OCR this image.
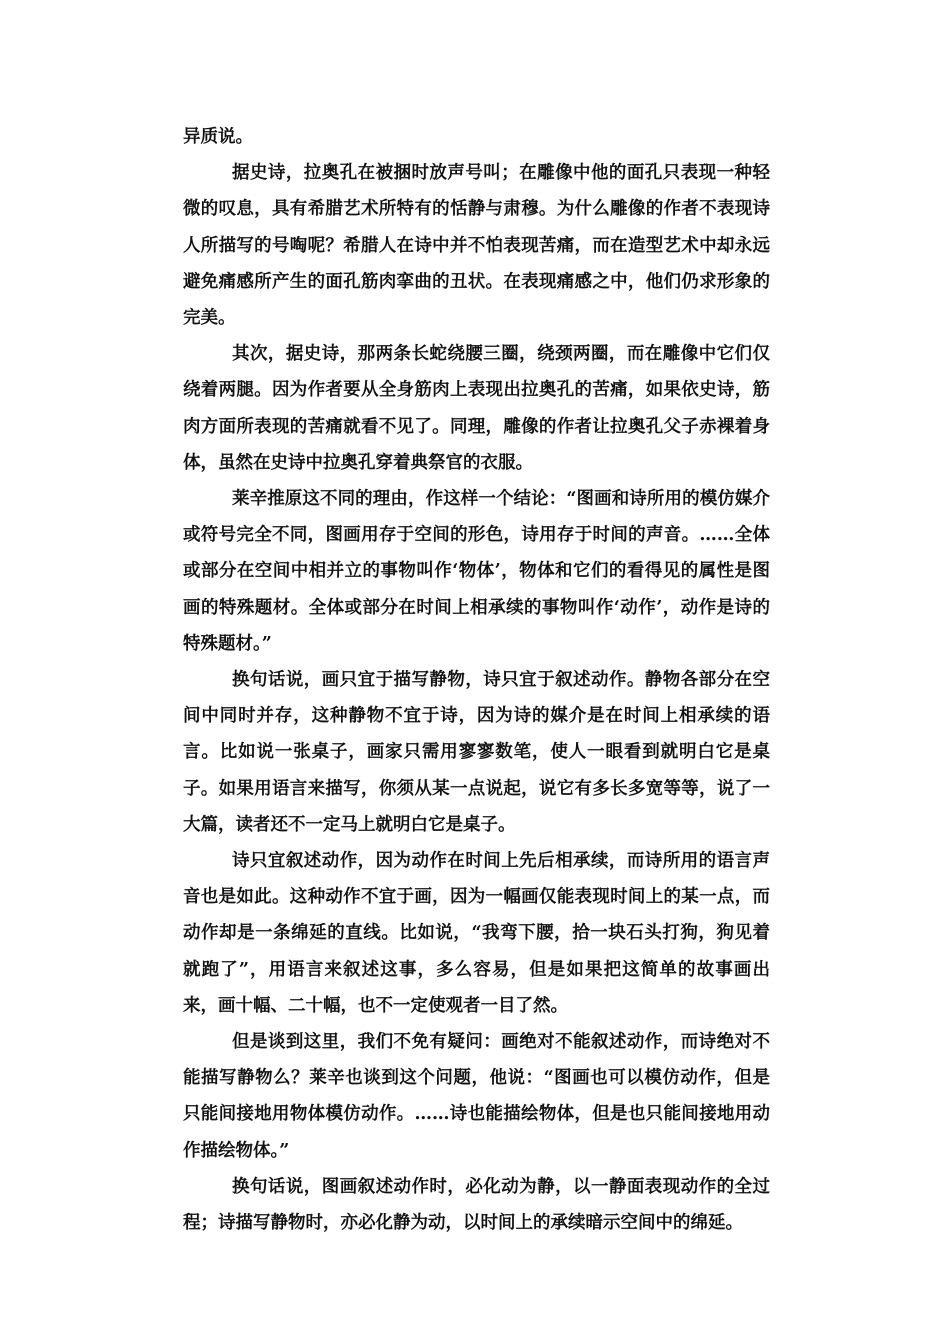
异质说。

据史诗，拉奥孔在被捆时放声号叫；在雕像中他的面孔只表现一种轻微的叹息，具有希腊艺术所特有的恬静与肃穆。为什么雕像的作者不表现诗人所描写的号啕呢？希腊人在诗中并不怕表现苦痛，而在造型艺术中却永远避免痛感所产生的面孔筋肉挛曲的丑状。在表现痛感之中，他们仍求形象的完美。

其次，据史诗，那两条长蛇绕腰三圈，绕颈两圈，而在雕像中它们仅绕着两腿。因为作者要从全身筋肉上表现出拉奥孔的苦痛，如果依史诗，筋肉方面所表现的苦痛就看不见了。同理，雕像的作者让拉奥孔父子赤裸着身体，虽然在史诗中拉奥孔穿着典祭官的衣服。

莱辛推原这不同的理由，作这样一个结论：“图画和诗所用的模仿媒介或符号完全不同，图画用存于空间的形色，诗用存于时间的声音。……全体或部分在空间中相并立的事物叫作‘物体’，物体和它们的看得见的属性是图画的特殊题材。全体或部分在时间上相承续的事物叫作‘动作’，动作是诗的特殊题材。”

换句话说，画只宜于描写静物，诗只宜于叙述动作。静物各部分在空间中同时并存，这种静物不宜于诗，因为诗的媒介是在时间上相承续的语言。比如说一张桌子，画家只需用寥寥数笔，使人一眼看到就明白它是桌子。如果用语言来描写，你须从某一点说起，说它有多长多宽等等，说了一大篇，读者还不一定马上就明白它是桌子。

诗只宜叙述动作，因为动作在时间上先后相承续，而诗所用的语言声音也是如此。这种动作不宜于画，因为一幅画仅能表现时间上的某一点，而动作却是一条绵延的直线。比如说，“我弯下腰，拾一块石头打狗，狗见着就跑了”，用语言来叙述这事，多么容易，但是如果把这简单的故事画出来，画十幅、二十幅，也不一定使观者一目了然。

但是谈到这里，我们不免有疑问：画绝对不能叙述动作，而诗绝对不能描写静物么？莱辛也谈到这个问题，他说：“图画也可以模仿动作，但是只能间接地用物体模仿动作。……诗也能描绘物体，但是也只能间接地用动作描绘物体。”

换句话说，图画叙述动作时，必化动为静，以一静面表现动作的全过程；诗描写静物时，亦必化静为动，以时间上的承续暗示空间中的绵延。
